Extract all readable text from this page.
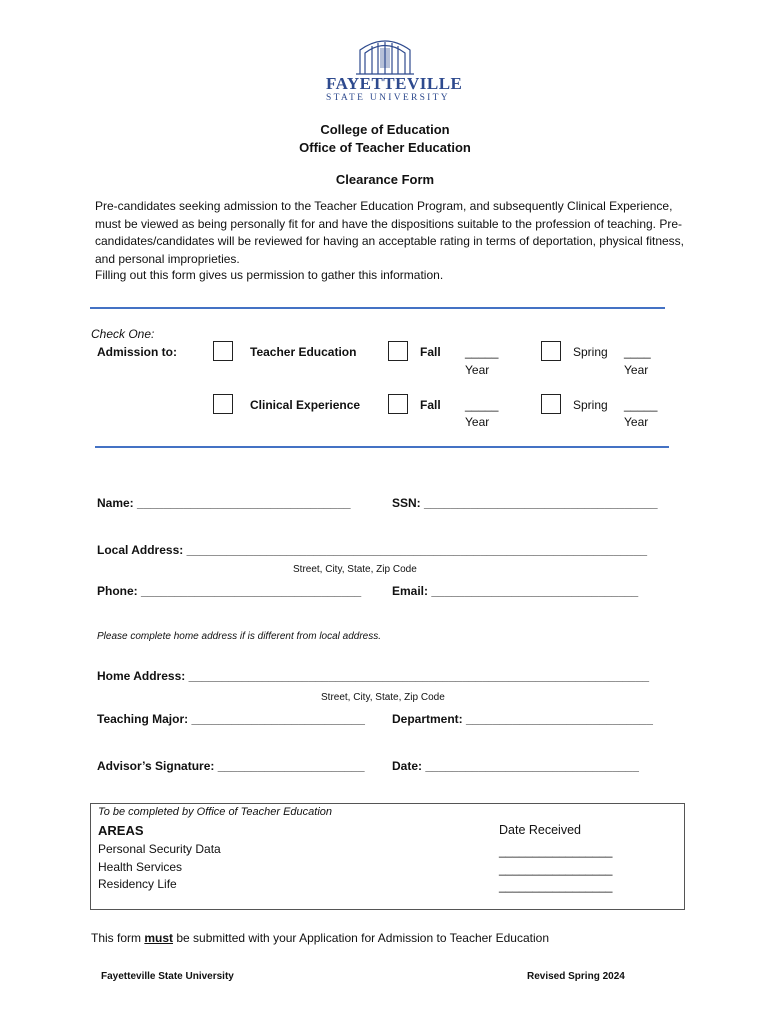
FAYETTEVILLE
STATE UNIVERSITY
College of Education
Office of Teacher Education
Clearance Form
Pre-candidates seeking admission to the Teacher Education Program, and subsequently Clinical Experience, must be viewed as being personally fit for and have the dispositions suitable to the profession of teaching. Pre-candidates/candidates will be reviewed for having an acceptable rating in terms of deportation, physical fitness, and personal improprieties.
Filling out this form gives us permission to gather this information.
Check One:
Admission to:	Teacher Education	Fall _____
Year
Spring ____
Year
Clinical Experience	Fall _____
Year
Spring _____
Year
Name: ________________________________	SSN: ___________________________________
Local Address: _____________________________________________________________________
Street, City, State, Zip Code
Phone: _________________________________	Email: _______________________________
Please complete home address if is different from local address.
Home Address: _____________________________________________________________________
Street, City, State, Zip Code
Teaching Major: __________________________ Department: ____________________________
Advisor’s Signature: ______________________ Date: ________________________________
To be completed by Office of Teacher Education
AREAS	Date Received
Personal Security Data
Health Services
Residency Life
_________________
_________________
_________________
This form must be submitted with your Application for Admission to Teacher Education
Fayetteville State University	Revised Spring 2024
